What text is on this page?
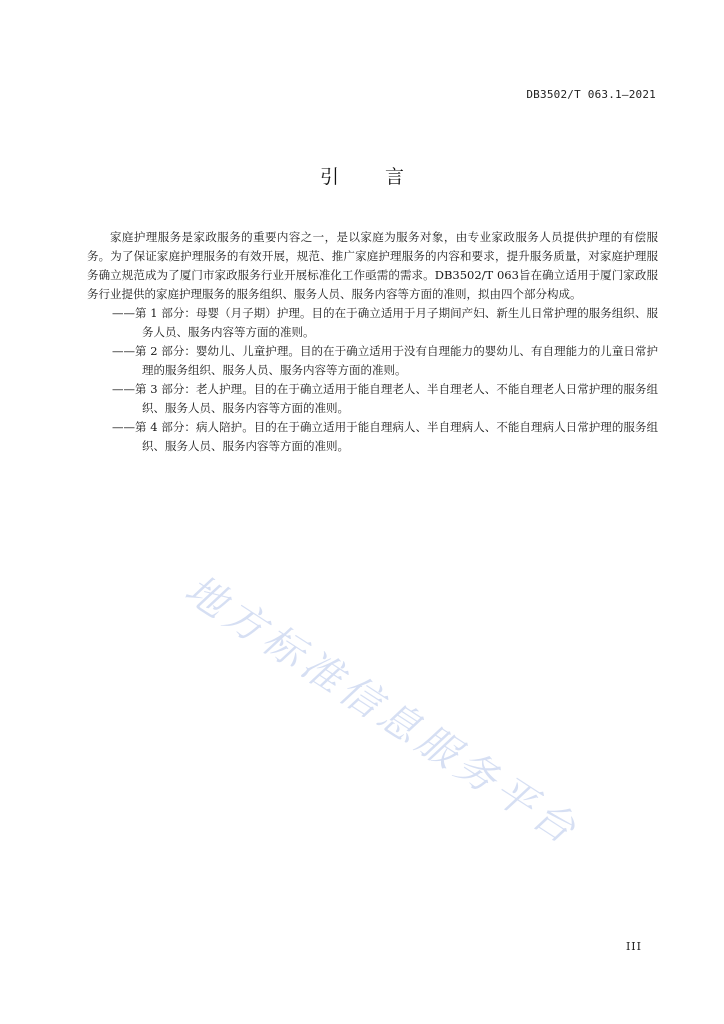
DB3502/T 063.1—2021
引 言

家庭护理服务是家政服务的重要内容之一，是以家庭为服务对象，由专业家政服务人员提供护理的有偿服务。为了保证家庭护理服务的有效开展，规范、推广家庭护理服务的内容和要求，提升服务质量，对家庭护理服务确立规范成为了厦门市家政服务行业开展标准化工作亟需的需求。DB3502/T 063旨在确立适用于厦门家政服务行业提供的家庭护理服务的服务组织、服务人员、服务内容等方面的准则，拟由四个部分构成。

——第 1 部分：母婴（月子期）护理。目的在于确立适用于月子期间产妇、新生儿日常护理的服务组织、服务人员、服务内容等方面的准则。

——第 2 部分：婴幼儿、儿童护理。目的在于确立适用于没有自理能力的婴幼儿、有自理能力的儿童日常护理的服务组织、服务人员、服务内容等方面的准则。

——第 3 部分：老人护理。目的在于确立适用于能自理老人、半自理老人、不能自理老人日常护理的服务组织、服务人员、服务内容等方面的准则。

——第 4 部分：病人陪护。目的在于确立适用于能自理病人、半自理病人、不能自理病人日常护理的服务组织、服务人员、服务内容等方面的准则。

地方标准信息服务平台
III
